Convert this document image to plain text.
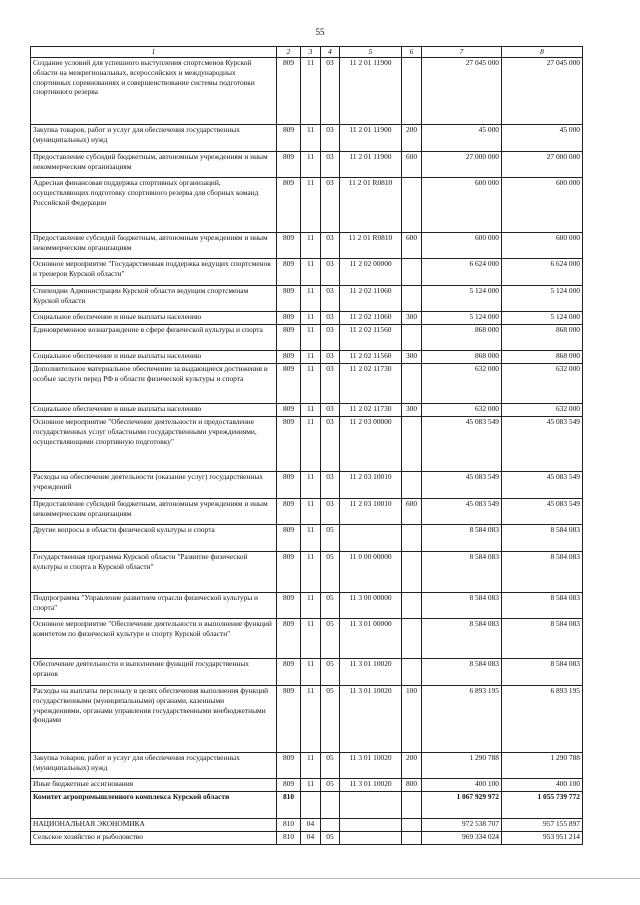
55
1	2	3	4	5	6	7	8
Создание условий для успешного выступления спортсменов Курской области на межрегиональных, всероссийских и международных спортивных соревнованиях и совершенствование системы подготовки спортивного резерва	809	11	03	11 2 01 11900		27 045 000	27 045 000
Закупка товаров, работ и услуг для обеспечения государственных (муниципальных) нужд	809	11	03	11 2 01 11900	200	45 000	45 000
Предоставление субсидий бюджетным, автономным учреждениям и иным некоммерческим организациям	809	11	03	11 2 01 11900	600	27 000 000	27 000 000
Адресная финансовая поддержка спортивных организаций, осуществляющих подготовку спортивного резерва для сборных команд Российской Федерации	809	11	03	11 2 01 R0810		600 000	600 000
Предоставление субсидий бюджетным, автономным учреждениям и иным некоммерческим организациям	809	11	03	11 2 01 R0810	600	600 000	600 000
Основное мероприятие "Государственная поддержка ведущих спортсменов и тренеров Курской области"	809	11	03	11 2 02 00000		6 624 000	6 624 000
Стипендии Администрации Курской области ведущим спортсменам Курской области	809	11	03	11 2 02 11060		5 124 000	5 124 000
Социальное обеспечение и иные выплаты населению	809	11	03	11 2 02 11060	300	5 124 000	5 124 000
Единовременное вознаграждение в сфере физической культуры и спорта	809	11	03	11 2 02 11560		868 000	868 000
Социальное обеспечение и иные выплаты населению	809	11	03	11 2 02 11560	300	868 000	868 000
Дополнительное материальное обеспечение за выдающиеся достижения и особые заслуги перед РФ в области физической культуры и спорта	809	11	03	11 2 02 11730		632 000	632 000
Социальное обеспечение и иные выплаты населению	809	11	03	11 2 02 11730	300	632 000	632 000
Основное мероприятие "Обеспечение деятельности и предоставление государственных услуг областными государственными учреждениями, осуществляющими спортивную подготовку"	809	11	03	11 2 03 00000		45 083 549	45 083 549
Расходы на обеспечение деятельности (оказание услуг) государственных учреждений	809	11	03	11 2 03 10010		45 083 549	45 083 549
Предоставление субсидий бюджетным, автономным учреждениям и иным некоммерческим организациям	809	11	03	11 2 03 10010	600	45 083 549	45 083 549
Другие вопросы в области физической культуры и спорта	809	11	05			8 584 083	8 584 083
Государственная программа Курской области "Развитие физической культуры и спорта в Курской области"	809	11	05	11 0 00 00000		8 584 083	8 584 083
Подпрограмма "Управление развитием отрасли физической культуры и спорта"	809	11	05	11 3 00 00000		8 584 083	8 584 083
Основное мероприятие "Обеспечение деятельности и выполнение функций комитетом по физической культуре и спорту Курской области"	809	11	05	11 3 01 00000		8 584 083	8 584 083
Обеспечение деятельности и выполнение функций государственных органов	809	11	05	11 3 01 10020		8 584 083	8 584 083
Расходы на выплаты персоналу в целях обеспечения выполнения функций государственными (муниципальными) органами, казенными учреждениями, органами управления государственными внебюджетными фондами	809	11	05	11 3 01 10020	100	6 893 195	6 893 195
Закупка товаров, работ и услуг для обеспечения государственных (муниципальных) нужд	809	11	05	11 3 01 10020	200	1 290 788	1 290 788
Иные бюджетные ассигнования	809	11	05	11 3 01 10020	800	400 100	400 100
Комитет агропромышленного комплекса Курской области	810					1 067 929 972	1 055 739 772
НАЦИОНАЛЬНАЯ ЭКОНОМИКА	810	04				972 538 707	957 155 897
Сельское хозяйство и рыболовство	810	04	05			969 334 024	953 951 214
